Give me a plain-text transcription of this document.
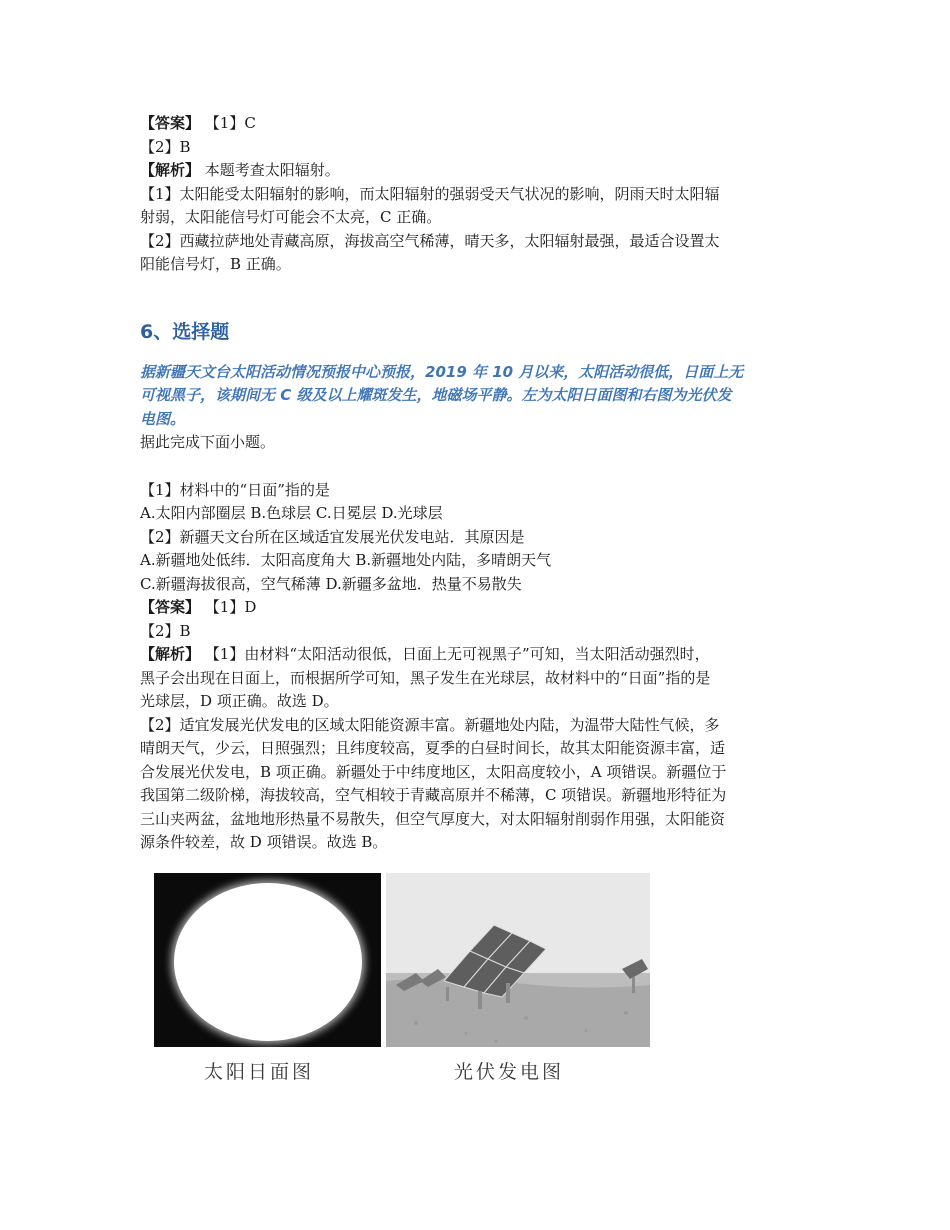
【答案】 【1】C

【2】B

【解析】 本题考查太阳辐射。

【1】太阳能受太阳辐射的影响，而太阳辐射的强弱受天气状况的影响，阴雨天时太阳辐

射弱，太阳能信号灯可能会不太亮，C 正确。

【2】西藏拉萨地处青藏高原，海拔高空气稀薄，晴天多，太阳辐射最强，最适合设置太

阳能信号灯，B 正确。

6、选择题

据新疆天文台太阳活动情况预报中心预报，2019 年 10 月以来，太阳活动很低，日面上无

可视黑子，该期间无 C 级及以上耀斑发生，地磁场平静。左为太阳日面图和右图为光伏发

电图。

据此完成下面小题。

【1】材料中的“日面”指的是

A.太阳内部圈层 B.色球层 C.日冕层 D.光球层

【2】新疆天文台所在区域适宜发展光伏发电站．其原因是

A.新疆地处低纬．太阳高度角大 B.新疆地处内陆，多晴朗天气

C.新疆海拔很高，空气稀薄 D.新疆多盆地．热量不易散失

【答案】 【1】D

【2】B

【解析】 【1】由材料“太阳活动很低，日面上无可视黑子”可知，当太阳活动强烈时，

黑子会出现在日面上，而根据所学可知，黑子发生在光球层，故材料中的“日面”指的是

光球层，D 项正确。故选 D。

【2】适宜发展光伏发电的区域太阳能资源丰富。新疆地处内陆，为温带大陆性气候，多

晴朗天气，少云，日照强烈；且纬度较高，夏季的白昼时间长，故其太阳能资源丰富，适

合发展光伏发电，B 项正确。新疆处于中纬度地区，太阳高度较小，A 项错误。新疆位于

我国第二级阶梯，海拔较高，空气相较于青藏高原并不稀薄，C 项错误。新疆地形特征为

三山夹两盆，盆地地形热量不易散失，但空气厚度大，对太阳辐射削弱作用强，太阳能资

源条件较差，故 D 项错误。故选 B。

太阳日面图	光伏发电图
